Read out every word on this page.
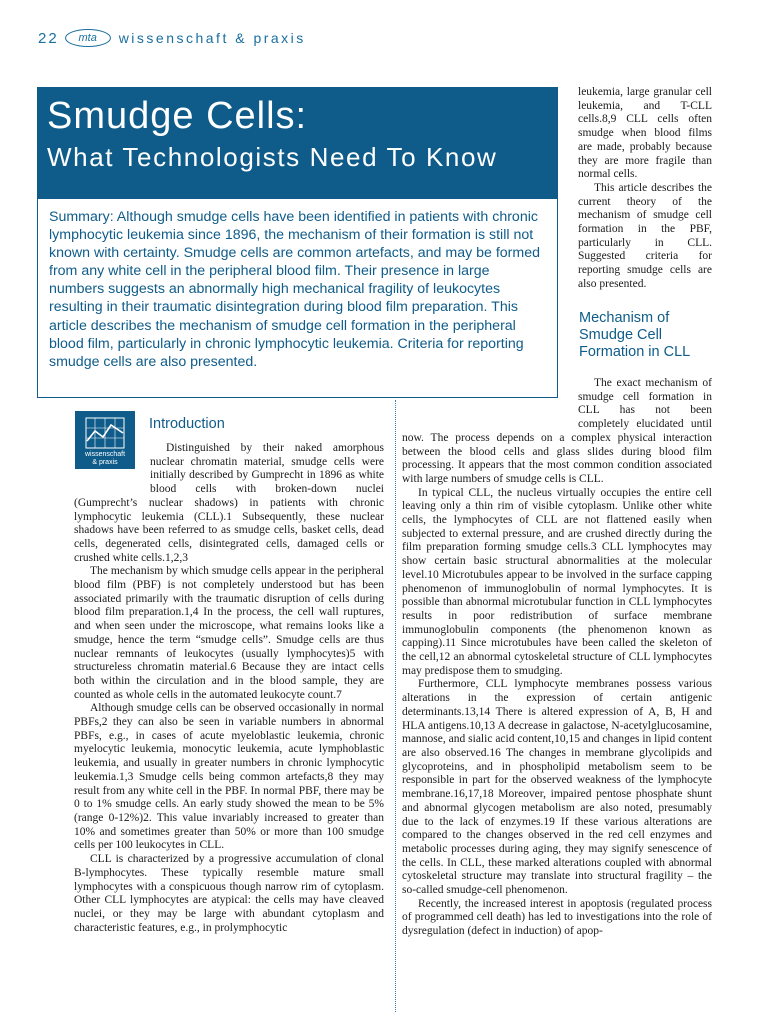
22	mta	wissenschaft & praxis
Smudge Cells:
What Technologists Need To Know

Summary: Although smudge cells have been identified in patients with chronic lymphocytic leukemia since 1896, the mechanism of their formation is still not known with certainty. Smudge cells are common artefacts, and may be formed from any white cell in the peripheral blood film. Their presence in large numbers suggests an abnormally high mechanical fragility of leukocytes resulting in their traumatic disintegration during blood film preparation. This article describes the mechanism of smudge cell formation in the peripheral blood film, particularly in chronic lymphocytic leukemia. Criteria for reporting smudge cells are also presented.

wissenschaft
& praxis
Introduction

Distinguished by their naked amorphous nuclear chromatin material, smudge cells were initially described by Gumprecht in 1896 as white blood cells with broken-down nuclei (Gumprecht’s nuclear shadows) in patients with chronic lymphocytic leukemia (CLL).1 Subsequently, these nuclear shadows have been referred to as smudge cells, basket cells, dead cells, degenerated cells, disintegrated cells, damaged cells or crushed white cells.1,2,3

The mechanism by which smudge cells appear in the peripheral blood film (PBF) is not completely understood but has been associated primarily with the traumatic disruption of cells during blood film preparation.1,4 In the process, the cell wall ruptures, and when seen under the microscope, what remains looks like a smudge, hence the term “smudge cells”. Smudge cells are thus nuclear remnants of leukocytes (usually lymphocytes)5 with structureless chromatin material.6 Because they are intact cells both within the circulation and in the blood sample, they are counted as whole cells in the automated leukocyte count.7

Although smudge cells can be observed occasionally in normal PBFs,2 they can also be seen in variable numbers in abnormal PBFs, e.g., in cases of acute myeloblastic leukemia, chronic myelocytic leukemia, monocytic leukemia, acute lymphoblastic leukemia, and usually in greater numbers in chronic lymphocytic leukemia.1,3 Smudge cells being common artefacts,8 they may result from any white cell in the PBF. In normal PBF, there may be 0 to 1% smudge cells. An early study showed the mean to be 5% (range 0-12%)2. This value invariably increased to greater than 10% and sometimes greater than 50% or more than 100 smudge cells per 100 leukocytes in CLL.

CLL is characterized by a progressive accumulation of clonal B-lymphocytes. These typically resemble mature small lymphocytes with a conspicuous though narrow rim of cytoplasm. Other CLL lymphocytes are atypical: the cells may have cleaved nuclei, or they may be large with abundant cytoplasm and characteristic features, e.g., in prolymphocytic

leukemia, large granular cell leukemia, and T-CLL cells.8,9 CLL cells often smudge when blood films are made, probably because they are more fragile than normal cells.

This article describes the current theory of the mechanism of smudge cell formation in the PBF, particularly in CLL. Suggested criteria for reporting smudge cells are also presented.

Mechanism of Smudge Cell Formation in CLL

The exact mechanism of smudge cell formation in CLL has not been completely elucidated until now. The process depends on a complex physical interaction between the blood cells and glass slides during blood film processing. It appears that the most common condition associated with large numbers of smudge cells is CLL.

In typical CLL, the nucleus virtually occupies the entire cell leaving only a thin rim of visible cytoplasm. Unlike other white cells, the lymphocytes of CLL are not flattened easily when subjected to external pressure, and are crushed directly during the film preparation forming smudge cells.3 CLL lymphocytes may show certain basic structural abnormalities at the molecular level.10 Microtubules appear to be involved in the surface capping phenomenon of immunoglobulin of normal lymphocytes. It is possible than abnormal microtubular function in CLL lymphocytes results in poor redistribution of surface membrane immunoglobulin components (the phenomenon known as capping).11 Since microtubules have been called the skeleton of the cell,12 an abnormal cytoskeletal structure of CLL lymphocytes may predispose them to smudging.

Furthermore, CLL lymphocyte membranes possess various alterations in the expression of certain antigenic determinants.13,14 There is altered expression of A, B, H and HLA antigens.10,13 A decrease in galactose, N-acetylglucosamine, mannose, and sialic acid content,10,15 and changes in lipid content are also observed.16 The changes in membrane glycolipids and glycoproteins, and in phospholipid metabolism seem to be responsible in part for the observed weakness of the lymphocyte membrane.16,17,18 Moreover, impaired pentose phosphate shunt and abnormal glycogen metabolism are also noted, presumably due to the lack of enzymes.19 If these various alterations are compared to the changes observed in the red cell enzymes and metabolic processes during aging, they may signify senescence of the cells. In CLL, these marked alterations coupled with abnormal cytoskeletal structure may translate into structural fragility – the so-called smudge-cell phenomenon.

Recently, the increased interest in apoptosis (regulated process of programmed cell death) has led to investigations into the role of dysregulation (defect in induction) of apop-
